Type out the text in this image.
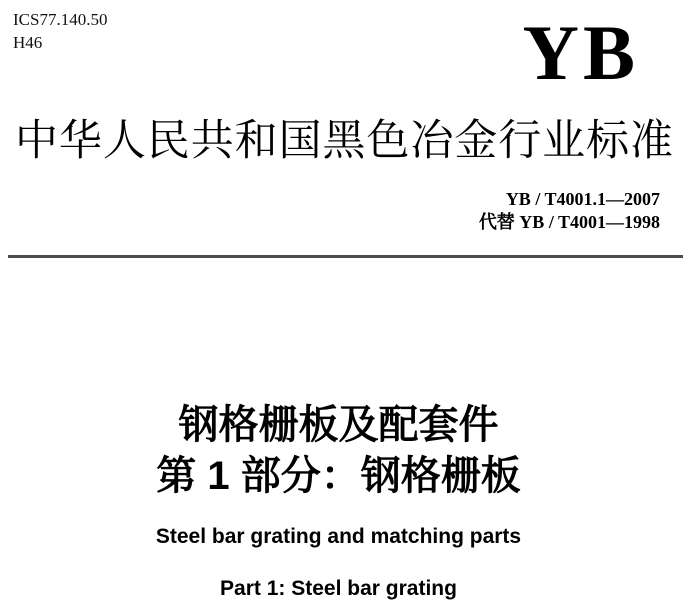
ICS77.140.50
H46	YB
中华人民共和国黑色冶金行业标准
YB / T4001.1—2007
代替 YB / T4001—1998
钢格栅板及配套件
第 1 部分：钢格栅板
Steel bar grating and matching parts
Part 1: Steel bar grating
